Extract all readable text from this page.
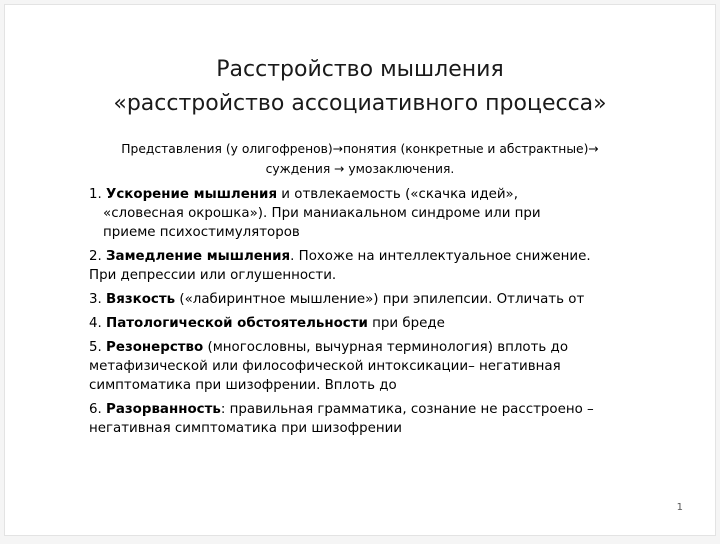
Расстройство мышления
«расстройство ассоциативного процесса»
Представления (у олигофренов)→понятия (конкретные и абстрактные)→
суждения → умозаключения.
1. Ускорение мышления и отвлекаемость («скачка идей»,
«словесная окрошка»). При маниакальном синдроме или при
приеме психостимуляторов
2. Замедление мышления. Похоже на интеллектуальное снижение.
При депрессии или оглушенности.
3. Вязкость («лабиринтное мышление») при эпилепсии. Отличать от
4. Патологической обстоятельности при бреде
5. Резонерство (многословны, вычурная терминология) вплоть до
метафизической или философической интоксикации– негативная
симптоматика при шизофрении. Вплоть до
6. Разорванность: правильная грамматика, сознание не расстроено –
негативная симптоматика при шизофрении
1
